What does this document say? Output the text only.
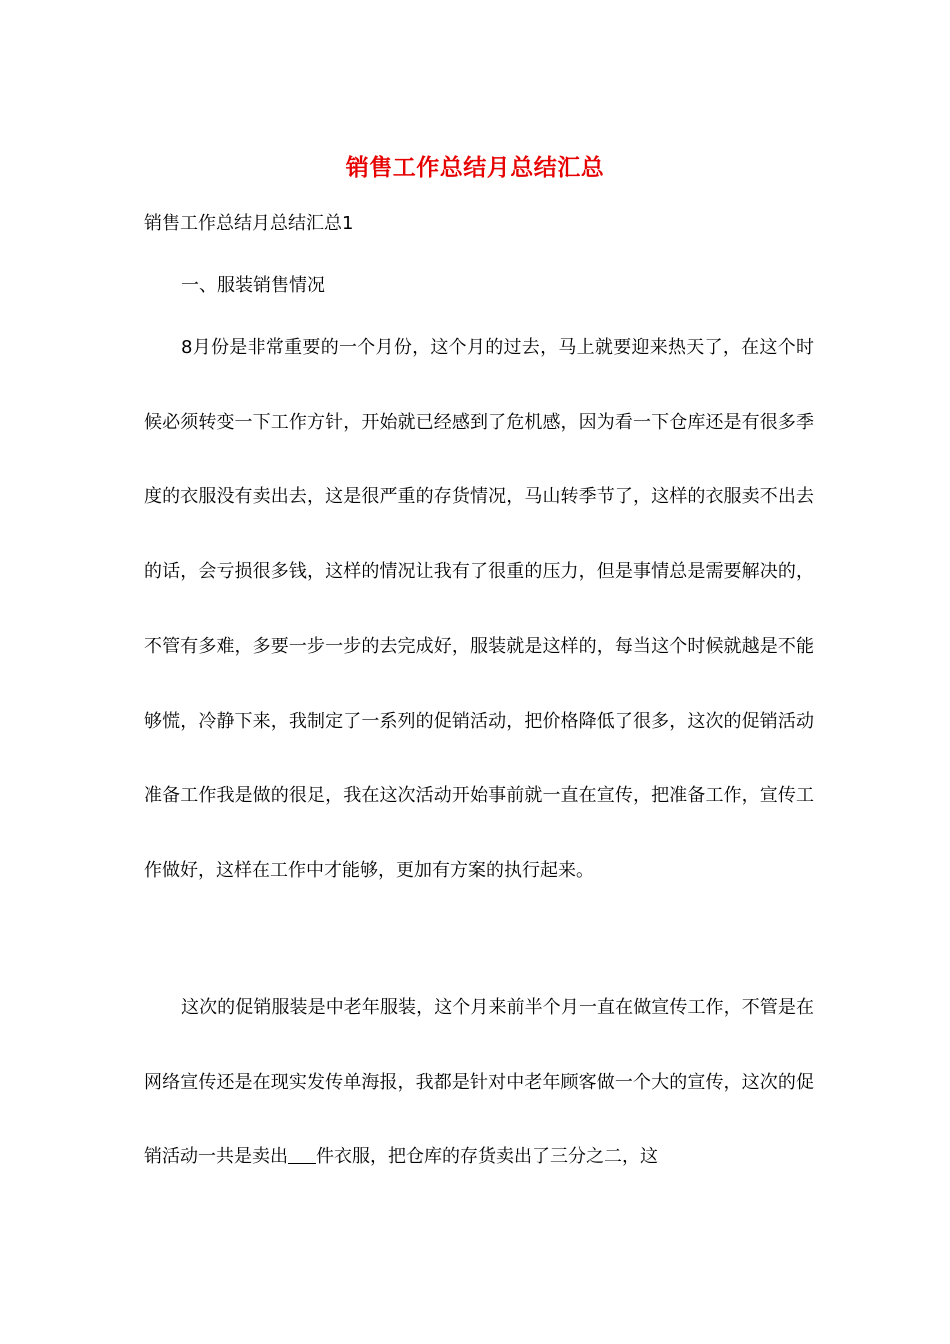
销售工作总结月总结汇总
销售工作总结月总结汇总1
一、服装销售情况

8月份是非常重要的一个月份，这个月的过去，马上就要迎来热天了，在这个时候必须转变一下工作方针，开始就已经感到了危机感，因为看一下仓库还是有很多季度的衣服没有卖出去，这是很严重的存货情况，马山转季节了，这样的衣服卖不出去的话，会亏损很多钱，这样的情况让我有了很重的压力，但是事情总是需要解决的，不管有多难，多要一步一步的去完成好，服装就是这样的，每当这个时候就越是不能够慌，冷静下来，我制定了一系列的促销活动，把价格降低了很多，这次的促销活动准备工作我是做的很足，我在这次活动开始事前就一直在宣传，把准备工作，宣传工作做好，这样在工作中才能够，更加有方案的执行起来。

这次的促销服装是中老年服装，这个月来前半个月一直在做宣传工作，不管是在网络宣传还是在现实发传单海报，我都是针对中老年顾客做一个大的宣传，这次的促销活动一共是卖出 件衣服，把仓库的存货卖出了三分之二，这
